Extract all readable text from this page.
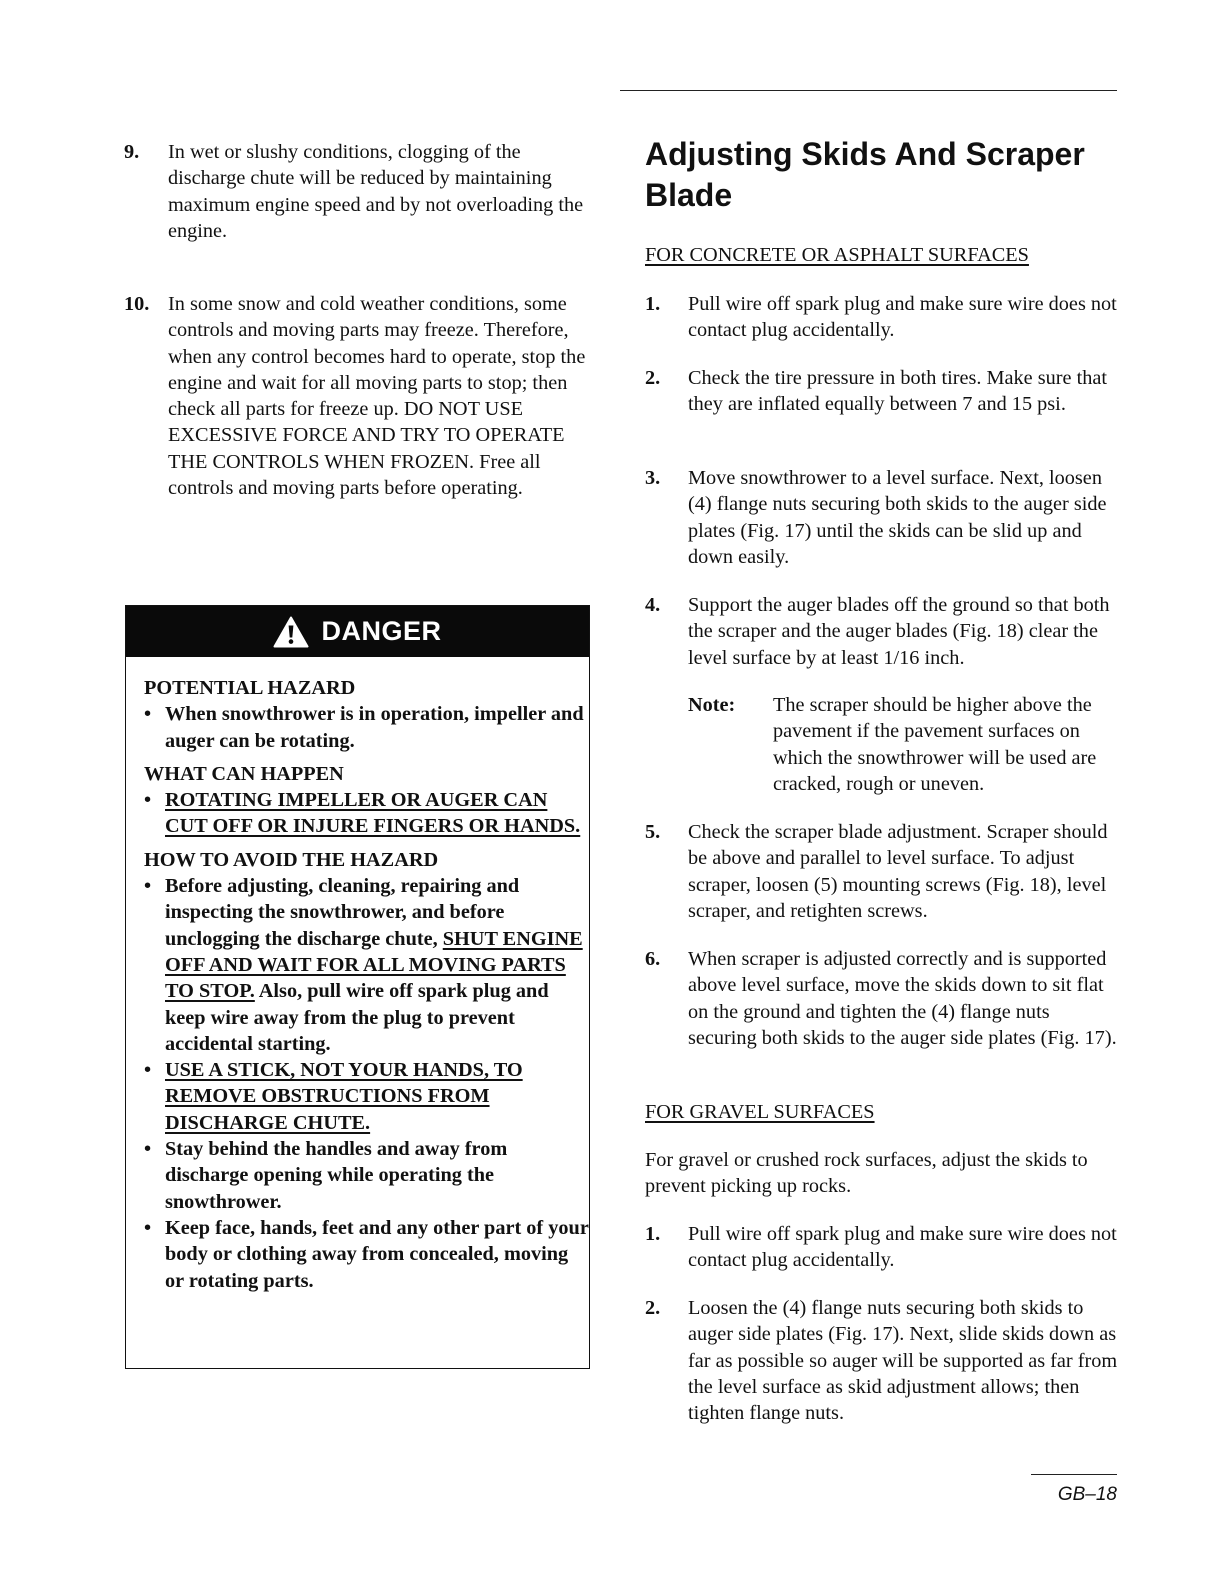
9. In wet or slushy conditions, clogging of the discharge chute will be reduced by maintaining maximum engine speed and by not overloading the engine.
10. In some snow and cold weather conditions, some controls and moving parts may freeze. Therefore, when any control becomes hard to operate, stop the engine and wait for all moving parts to stop; then check all parts for freeze up. DO NOT USE EXCESSIVE FORCE AND TRY TO OPERATE THE CONTROLS WHEN FROZEN. Free all controls and moving parts before operating.
DANGER
POTENTIAL HAZARD
• When snowthrower is in operation, impeller and auger can be rotating.
WHAT CAN HAPPEN
• ROTATING IMPELLER OR AUGER CAN CUT OFF OR INJURE FINGERS OR HANDS.
HOW TO AVOID THE HAZARD
• Before adjusting, cleaning, repairing and inspecting the snowthrower, and before unclogging the discharge chute, SHUT ENGINE OFF AND WAIT FOR ALL MOVING PARTS TO STOP. Also, pull wire off spark plug and keep wire away from the plug to prevent accidental starting.
• USE A STICK, NOT YOUR HANDS, TO REMOVE OBSTRUCTIONS FROM DISCHARGE CHUTE.
• Stay behind the handles and away from discharge opening while operating the snowthrower.
• Keep face, hands, feet and any other part of your body or clothing away from concealed, moving or rotating parts.
Adjusting Skids And Scraper Blade
FOR CONCRETE OR ASPHALT SURFACES
1. Pull wire off spark plug and make sure wire does not contact plug accidentally.
2. Check the tire pressure in both tires. Make sure that they are inflated equally between 7 and 15 psi.
3. Move snowthrower to a level surface. Next, loosen (4) flange nuts securing both skids to the auger side plates (Fig. 17) until the skids can be slid up and down easily.
4. Support the auger blades off the ground so that both the scraper and the auger blades (Fig. 18) clear the level surface by at least 1/16 inch.
Note: The scraper should be higher above the pavement if the pavement surfaces on which the snowthrower will be used are cracked, rough or uneven.
5. Check the scraper blade adjustment. Scraper should be above and parallel to level surface. To adjust scraper, loosen (5) mounting screws (Fig. 18), level scraper, and retighten screws.
6. When scraper is adjusted correctly and is supported above level surface, move the skids down to sit flat on the ground and tighten the (4) flange nuts securing both skids to the auger side plates (Fig. 17).
FOR GRAVEL SURFACES
For gravel or crushed rock surfaces, adjust the skids to prevent picking up rocks.
1. Pull wire off spark plug and make sure wire does not contact plug accidentally.
2. Loosen the (4) flange nuts securing both skids to auger side plates (Fig. 17). Next, slide skids down as far as possible so auger will be supported as far from the level surface as skid adjustment allows; then tighten flange nuts.
GB–18
